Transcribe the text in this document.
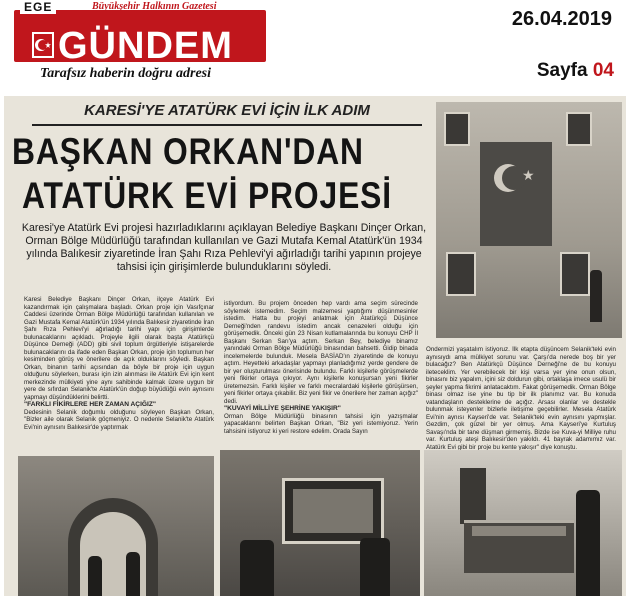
GÜNDEM
EGE	Büyükşehir Halkının Gazetesi
Tarafsız haberin doğru adresi
26.04.2019
Sayfa 04
KARESİ'YE ATATÜRK EVİ İÇİN İLK ADIM
BAŞKAN ORKAN'DAN
ATATÜRK EVİ PROJESİ	★
Karesi'ye Atatürk Evi projesi hazırladıklarını açıklayan Belediye Başkanı Dinçer Orkan, Orman Bölge Müdürlüğü tarafından kullanılan ve Gazi Mutafa Kemal Atatürk'ün 1934 yılında Balıkesir ziyaretinde İran Şahı Rıza Pehlevi'yi ağırladığı tarihi yapının projeye tahsisi için girişimlerde bulunduklarını söyledi.
Karesi Belediye Başkanı Dinçer Orkan, ilçeye Atatürk Evi kazandırmak için çalışmalara başladı. Orkan proje için Vasıfçınar Caddesi üzerinde Orman Bölge Müdürlüğü tarafından kullanılan ve Gazi Mustafa Kemal Atatürk'ün 1934 yılında Balıkesir ziyaretinde İran Şahı Rıza Pehlevi'yi ağırladığı tarihi yapı için girişimlerde bulunacaklarını açıkladı. Projeyle ilgili olarak başta Atatürkçü Düşünce Derneği (ADD) gibi sivil toplum örgütleriyle istişarelerde bulunacaklarını da ifade eden Başkan Orkan, proje için toplumun her kesiminden görüş ve önerilere de açık olduklarını söyledi. Başkan Orkan, binanın tarihi açısından da böyle bir proje için uygun olduğunu söylerken, burası için izin alınması ile Atatürk Evi için kent merkezinde mülkiyeti yine aynı sahibinde kalmak üzere uygun bir yere de sıfırdan Selanik'te Atatürk'ün doğup büyüdüğü evin aynısını yapmayı düşündüklerini belirtti.
"FARKLI FİKİRLERE HER ZAMAN AÇIĞIZ"
Dedesinin Selanik doğumlu olduğunu söyleyen Başkan Orkan, "Bizler aile olarak Selanik göçmeniyiz. O nedenle Selanik'te Atatürk Evi'nin aynısını Balıkesir'de yaptırmak
istiyordum. Bu projem önceden hep vardı ama seçim sürecinde söylemek istemedim. Seçim malzemesi yaptığımı düşünmesinler istedim. Hatta bu projeyi anlatmak için Atatürkçü Düşünce Derneği'nden randevu istedim ancak cenazeleri olduğu için görüşemedik. Önceki gün 23 Nisan kutlamalarında bu konuyu CHP İl Başkanı Serkan Sarı'ya açtım. Serkan Bey, belediye binamız yanındaki Orman Bölge Müdürlüğü binasından bahsetti. Gidip binada incelemelerde bulunduk. Mesela BASİAD'ın ziyaretinde de konuyu açtım. Heyetteki arkadaşlar yapmayı planladığımız yerde gendere de bir yer oluşturulması önerisinde bulundu. Farklı kişilerle görüşmelerde yeni fikirler ortaya çıkıyor. Aynı kişilerle konuşursan yeni fikirler üretemezsin. Farklı kişiler ve farklı mecralardaki kişilerle görüşürsen, yeni fikirler ortaya çıkabilir. Biz yeni fikir ve önerilere her zaman açığız" dedi.
"KUVAYİ MİLLİYE ŞEHRİNE YAKIŞIR"
Orman Bölge Müdürlüğü binasının tahsisi için yazışmalar yapacaklarını belirten Başkan Orkan, "Biz yeri istemiyoruz. Yerin tahsisini istiyoruz ki yeri restore edelim. Orada Sayın
Öndermizi yaşatalım istiyoruz. İlk etapta düşüncem Selanik'teki evin aynısıydı ama mülkiyet sorunu var. Çarşı'da nerede boş bir yer bulacağız? Ben Atatürkçü Düşünce Derneği'ne de bu konuyu ileteceklim. Yer verebilecek bir kişi varsa yer yine onun olsun, binasını biz yapalım, içini siz doldurun gibi, ortaklaşa imece usulü bir şeyler yapma fikrimi anlatacaktım. Fakat görüşemedik. Orman Bölge binası olmaz ise yine bu tip bir ilk planımız var. Bu konuda vatandaşların desteklerine de açığız. Arsası olanlar ve destekle bulunmak isteyenler bizlerle iletişime geçebilirler. Mesela Atatürk Evi'nin aynısı Kayseri'de var. Selanik'teki evin aynısını yapmışlar. Gezdim, çok güzel bir yer olmuş. Ama Kayseri'ye Kurtuluş Savaşı'nda bir tane düşman girmemiş. Bizde ise Kuva-yi Milliye ruhu var. Kurtuluş ateşi Balıkesir'den yakıldı. 41 bayrak adamımız var. Atatürk Evi gibi bir proje bu kente yakışır" diye konuştu.
